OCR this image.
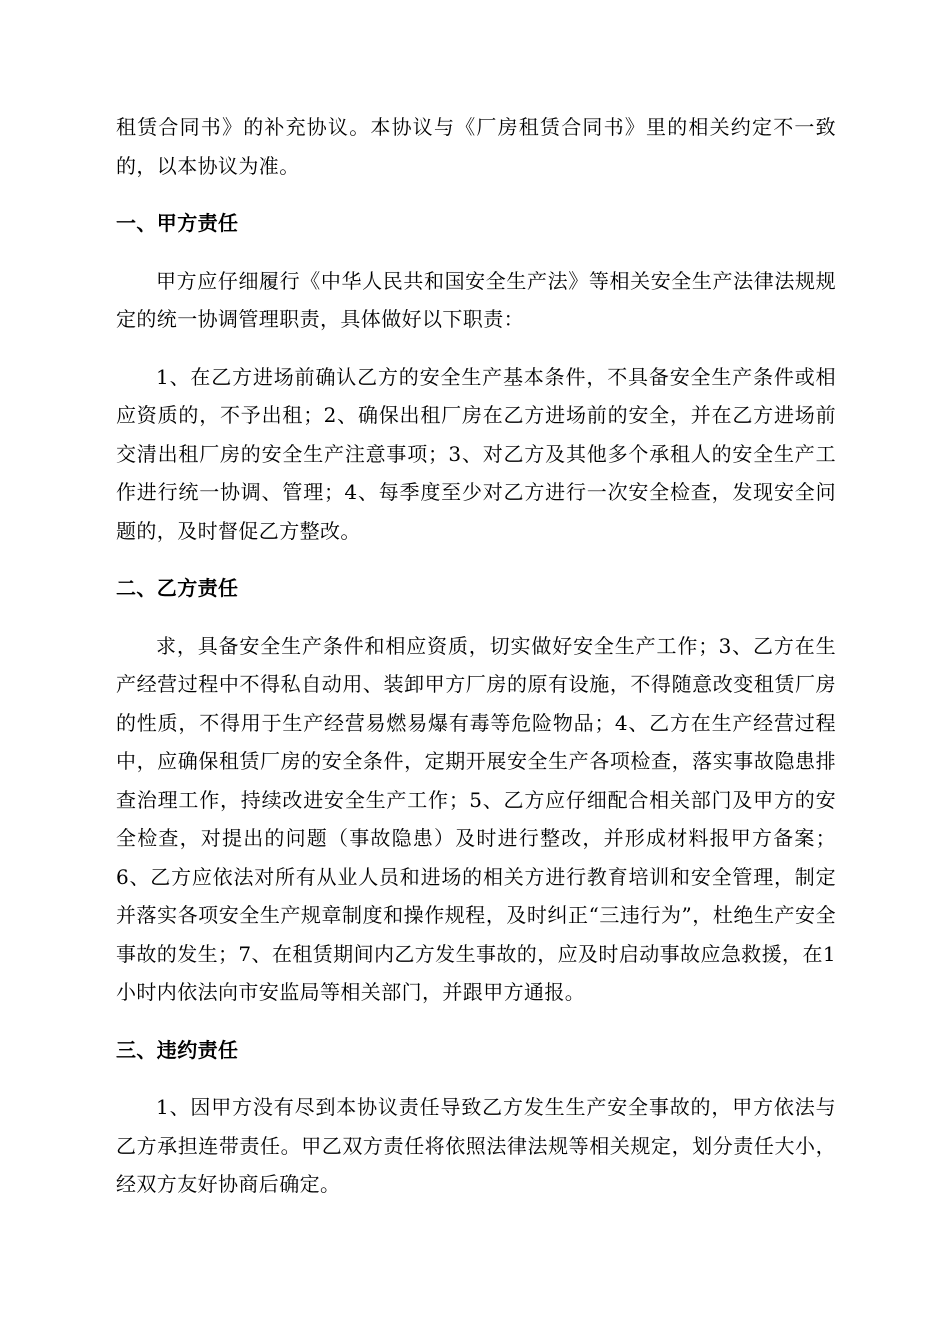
租赁合同书》的补充协议。本协议与《厂房租赁合同书》里的相关约定不一致的，以本协议为准。

一、甲方责任

甲方应仔细履行《中华人民共和国安全生产法》等相关安全生产法律法规规定的统一协调管理职责，具体做好以下职责：

1、在乙方进场前确认乙方的安全生产基本条件，不具备安全生产条件或相应资质的，不予出租；2、确保出租厂房在乙方进场前的安全，并在乙方进场前交清出租厂房的安全生产注意事项；3、对乙方及其他多个承租人的安全生产工作进行统一协调、管理；4、每季度至少对乙方进行一次安全检查，发现安全问题的，及时督促乙方整改。

二、乙方责任

求，具备安全生产条件和相应资质，切实做好安全生产工作；3、乙方在生产经营过程中不得私自动用、装卸甲方厂房的原有设施，不得随意改变租赁厂房的性质，不得用于生产经营易燃易爆有毒等危险物品；4、乙方在生产经营过程中，应确保租赁厂房的安全条件，定期开展安全生产各项检查，落实事故隐患排查治理工作，持续改进安全生产工作；5、乙方应仔细配合相关部门及甲方的安全检查，对提出的问题（事故隐患）及时进行整改，并形成材料报甲方备案；6、乙方应依法对所有从业人员和进场的相关方进行教育培训和安全管理，制定并落实各项安全生产规章制度和操作规程，及时纠正“三违行为”，杜绝生产安全事故的发生；7、在租赁期间内乙方发生事故的，应及时启动事故应急救援，在1小时内依法向市安监局等相关部门，并跟甲方通报。

三、违约责任

1、因甲方没有尽到本协议责任导致乙方发生生产安全事故的，甲方依法与乙方承担连带责任。甲乙双方责任将依照法律法规等相关规定，划分责任大小，经双方友好协商后确定。
